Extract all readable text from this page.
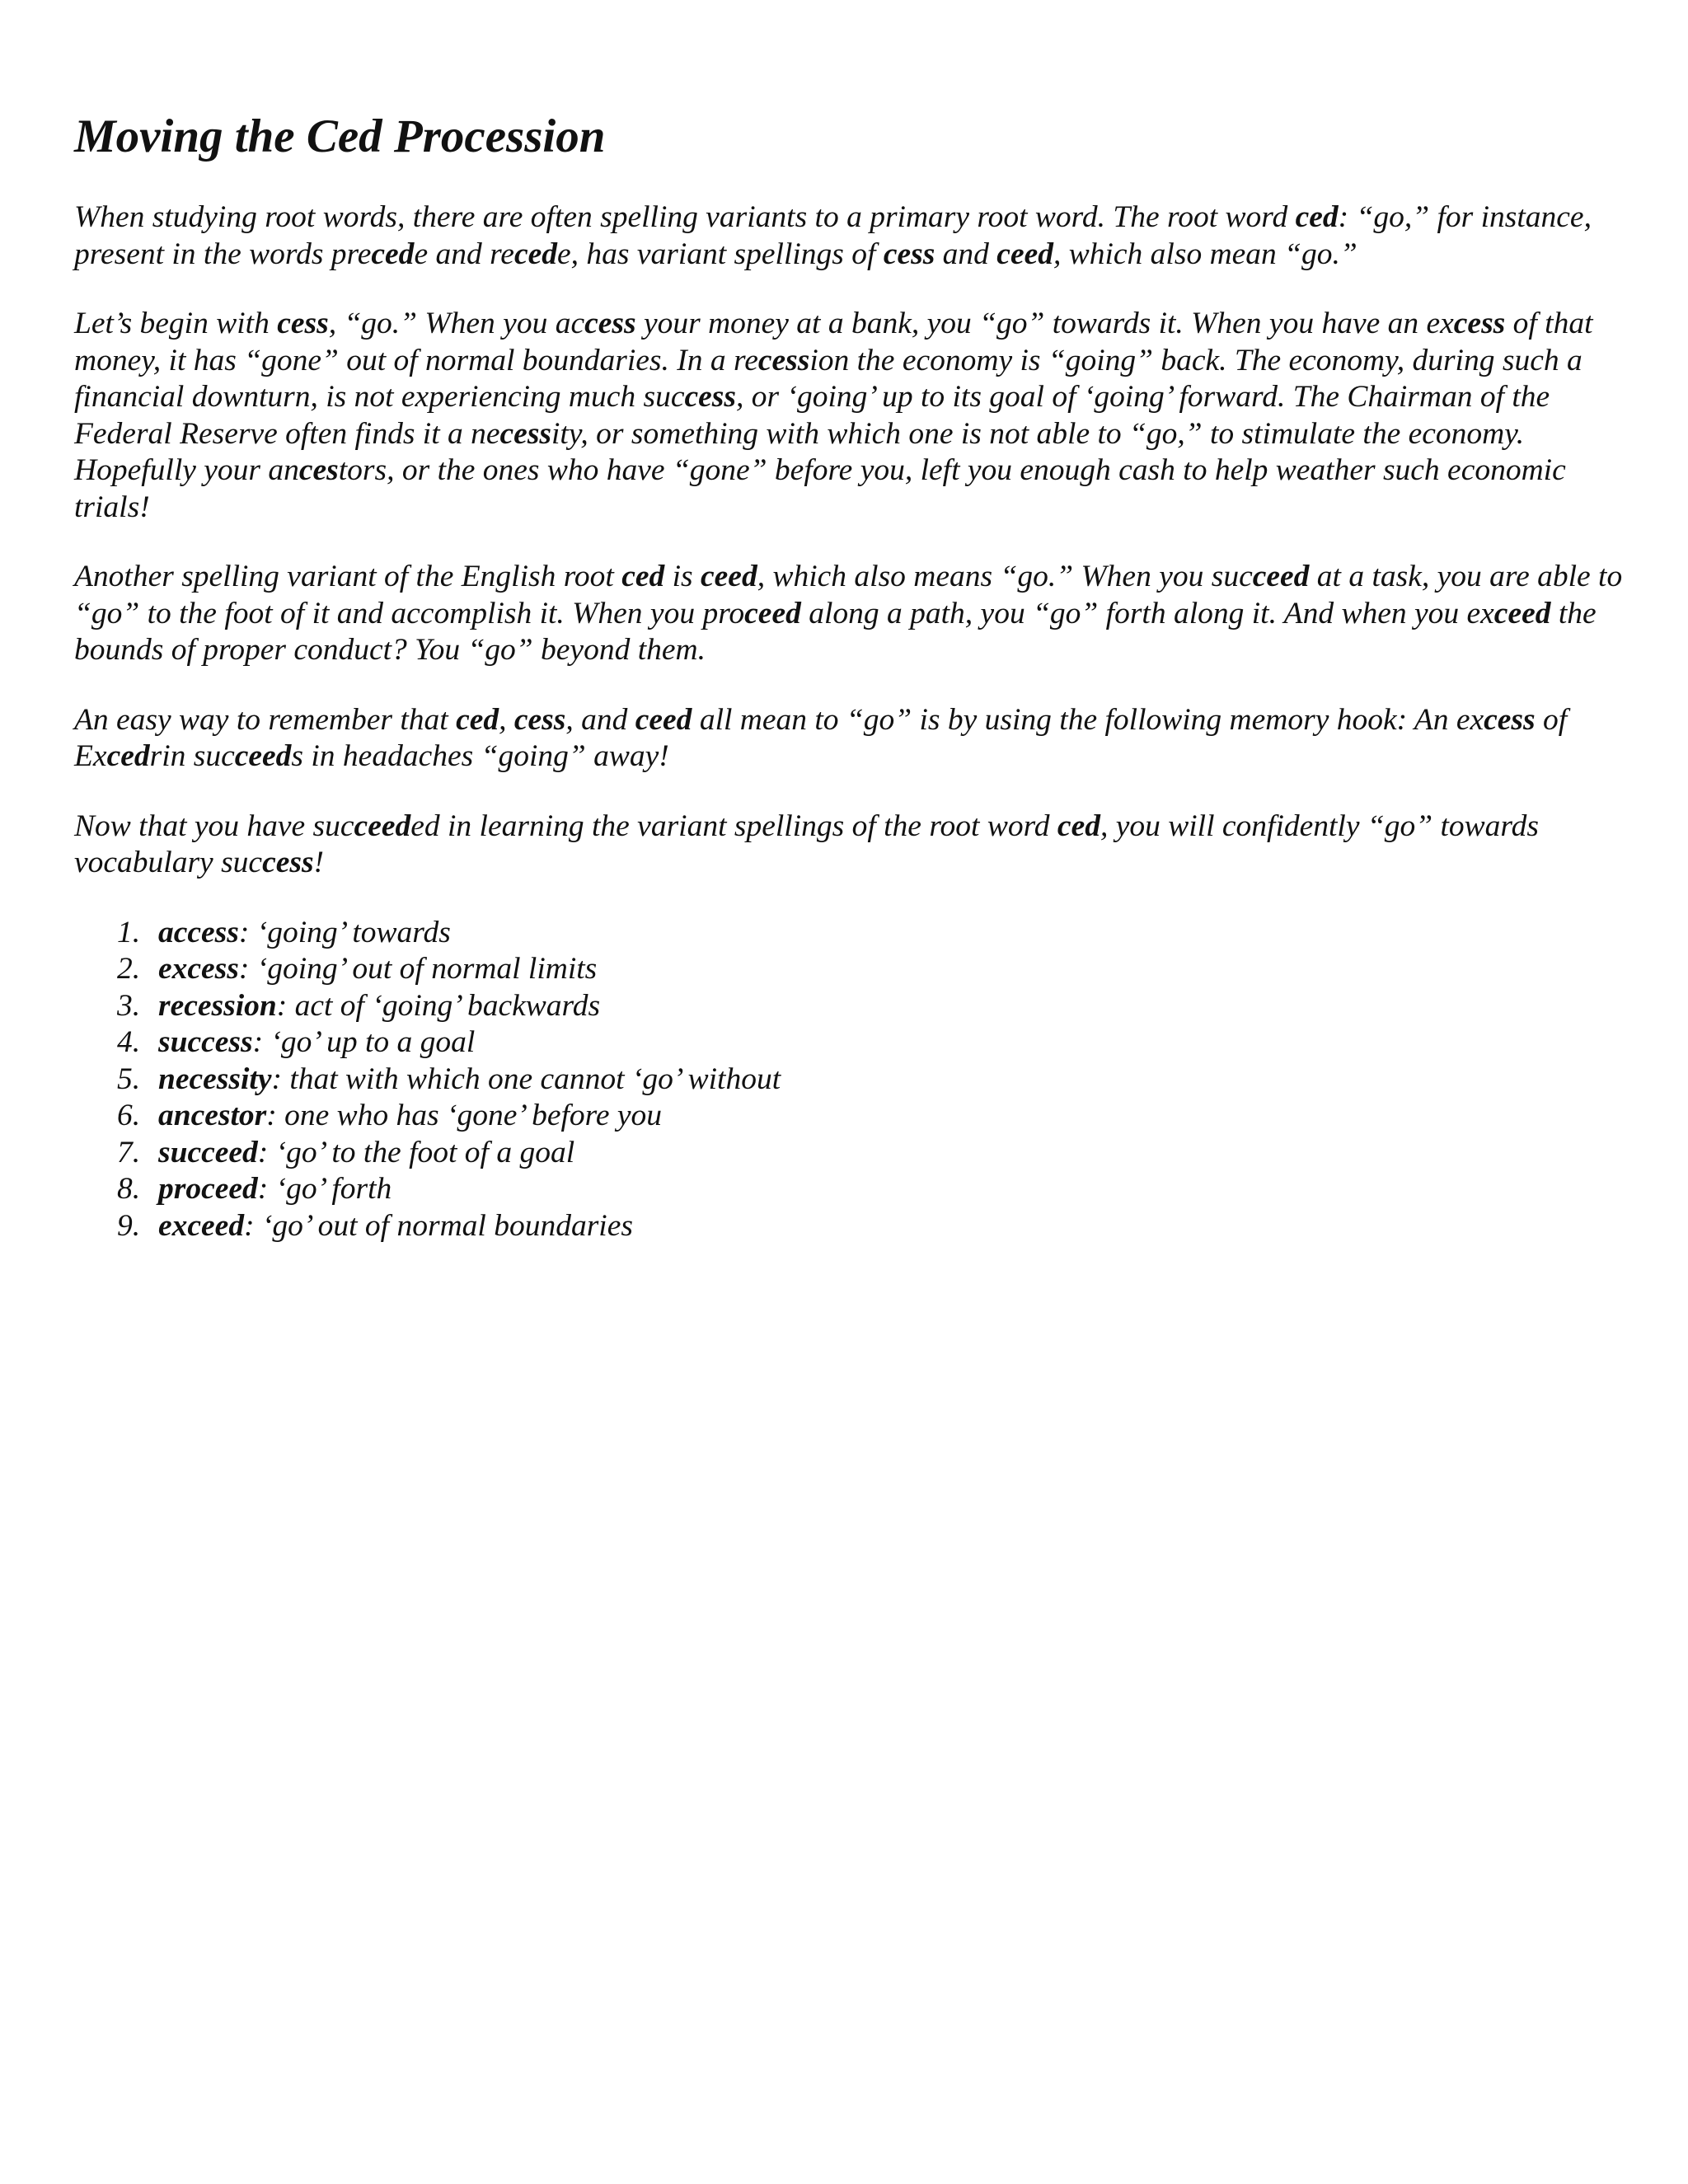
Moving the Ced Procession

When studying root words, there are often spelling variants to a primary root word. The root word ced: “go,” for instance, present in the words precede and recede, has variant spellings of cess and ceed, which also mean “go.”

Let’s begin with cess, “go.” When you access your money at a bank, you “go” towards it. When you have an excess of that money, it has “gone” out of normal boundaries. In a recession the economy is “going” back. The economy, during such a financial downturn, is not experiencing much success, or ‘going’ up to its goal of ‘going’ forward. The Chairman of the Federal Reserve often finds it a necessity, or something with which one is not able to “go,” to stimulate the economy. Hopefully your ancestors, or the ones who have “gone” before you, left you enough cash to help weather such economic trials!

Another spelling variant of the English root ced is ceed, which also means “go.” When you succeed at a task, you are able to “go” to the foot of it and accomplish it. When you proceed along a path, you “go” forth along it. And when you exceed the bounds of proper conduct? You “go” beyond them.

An easy way to remember that ced, cess, and ceed all mean to “go” is by using the following memory hook: An excess of Excedrin succeeds in headaches “going” away!

Now that you have succeeded in learning the variant spellings of the root word ced, you will confidently “go” towards vocabulary success!

1. access : ‘going’ towards
2. excess : ‘going’ out of normal limits
3. recession : act of ‘going’ backwards
4. success : ‘go’ up to a goal
5. necessity : that with which one cannot ‘go’ without
6. ancestor : one who has ‘gone’ before you
7. succeed : ‘go’ to the foot of a goal
8. proceed : ‘go’ forth
9. exceed : ‘go’ out of normal boundaries
